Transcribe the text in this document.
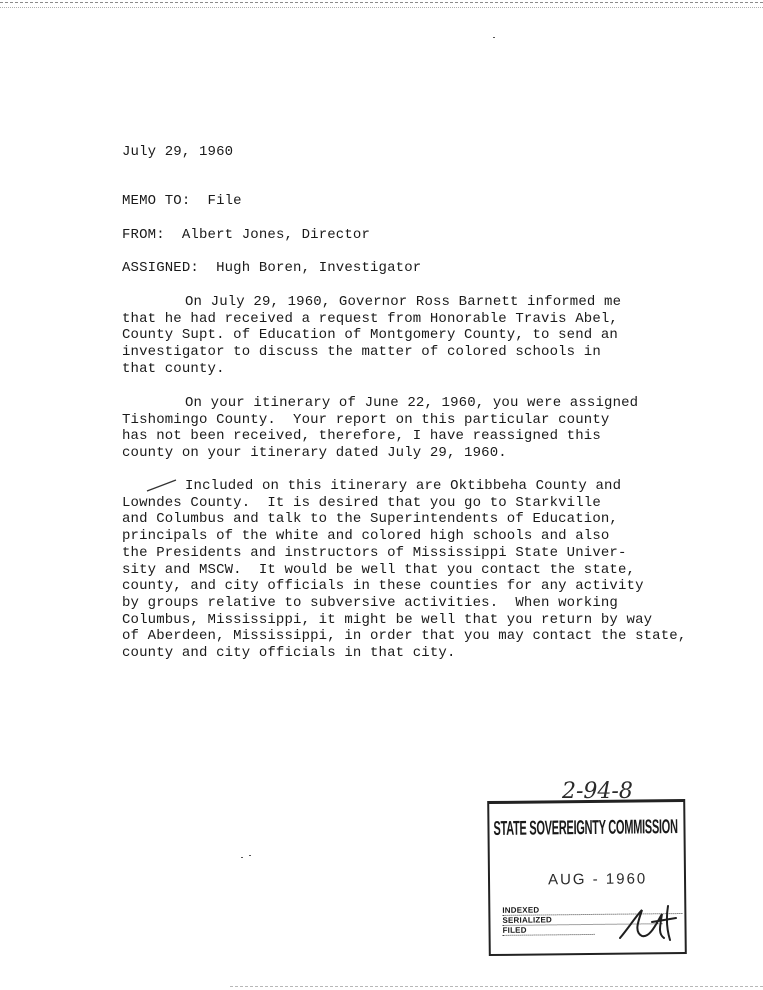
July 29, 1960
MEMO TO: File
FROM: Albert Jones, Director
ASSIGNED: Hugh Boren, Investigator
On July 29, 1960, Governor Ross Barnett informed me
that he had received a request from Honorable Travis Abel,
County Supt. of Education of Montgomery County, to send an
investigator to discuss the matter of colored schools in
that county.
On your itinerary of June 22, 1960, you were assigned
Tishomingo County.  Your report on this particular county
has not been received, therefore, I have reassigned this
county on your itinerary dated July 29, 1960.
Included on this itinerary are Oktibbeha County and
Lowndes County.  It is desired that you go to Starkville
and Columbus and talk to the Superintendents of Education,
principals of the white and colored high schools and also
the Presidents and instructors of Mississippi State Univer-
sity and MSCW.  It would be well that you contact the state,
county, and city officials in these counties for any activity
by groups relative to subversive activities.  When working
Columbus, Mississippi, it might be well that you return by way
of Aberdeen, Mississippi, in order that you may contact the state,
county and city officials in that city.
2-94-8
STATE SOVEREIGNTY COMMISSION
AUG - 1960
INDEXED
SERIALIZED
FILED
